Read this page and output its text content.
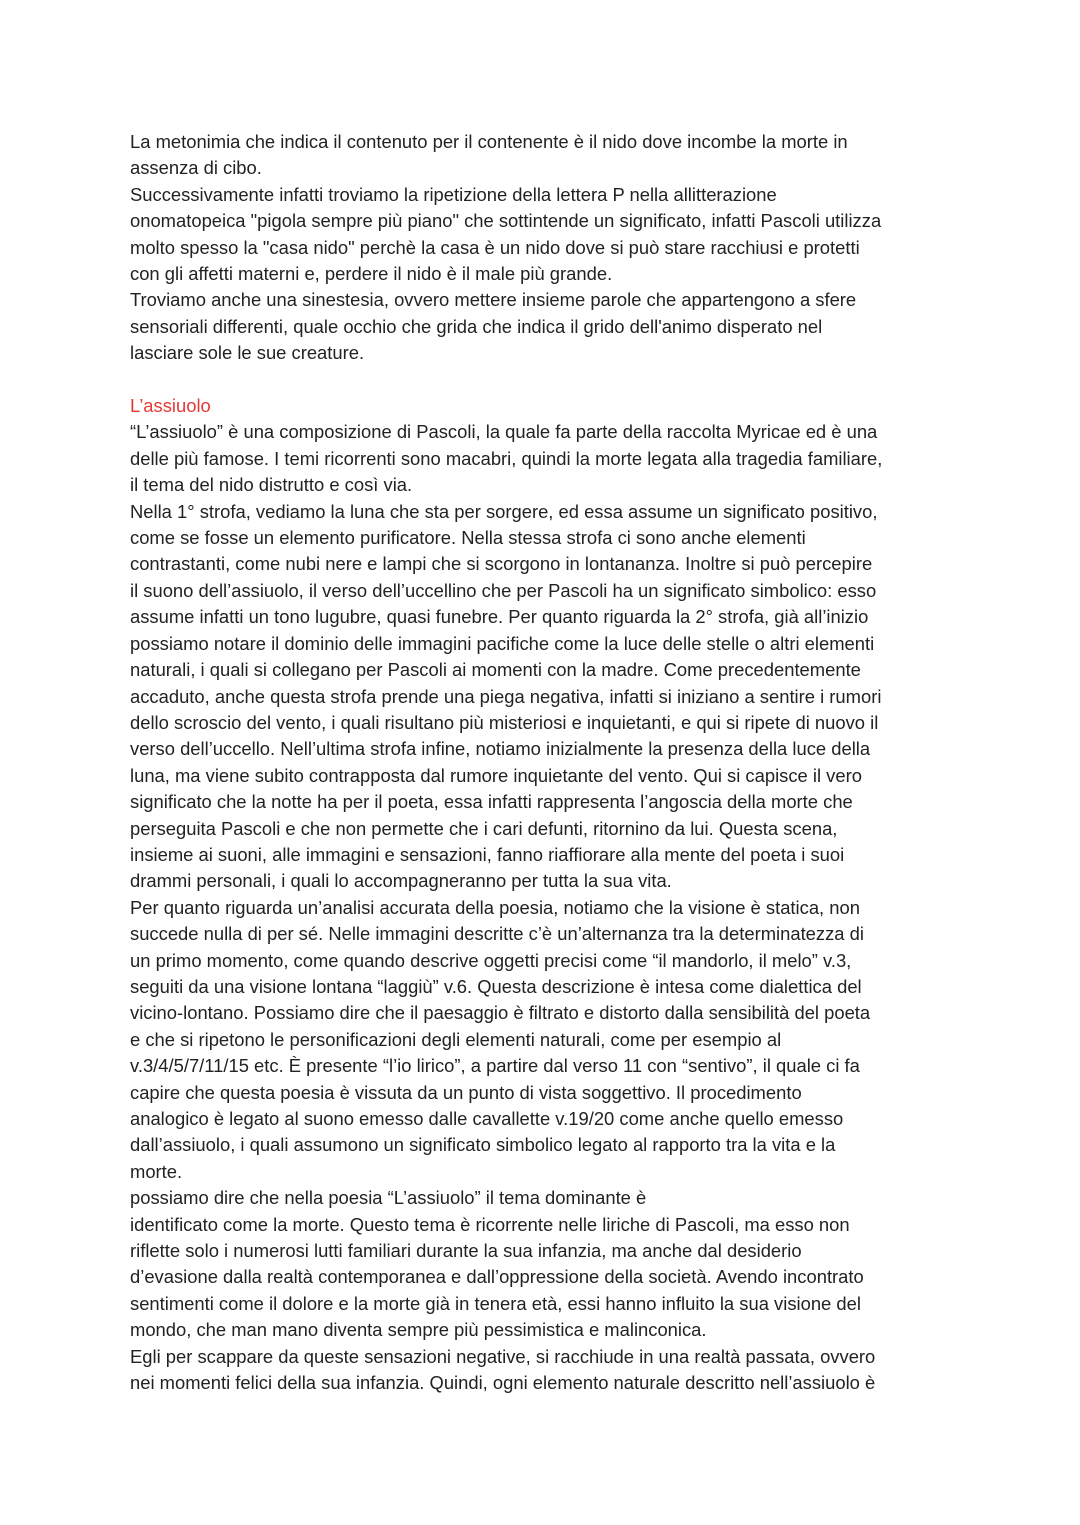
La metonimia che indica il contenuto per il contenente è il nido dove incombe la morte in
assenza di cibo.
Successivamente infatti troviamo la ripetizione della lettera P nella allitterazione
onomatopeica "pigola sempre più piano" che sottintende un significato, infatti Pascoli utilizza
molto spesso la "casa nido" perchè la casa è un nido dove si può stare racchiusi e protetti
con gli affetti materni e, perdere il nido è il male più grande.
Troviamo anche una sinestesia, ovvero mettere insieme parole che appartengono a sfere
sensoriali differenti, quale occhio che grida che indica il grido dell'animo disperato nel
lasciare sole le sue creature.
L’assiuolo
“L’assiuolo” è una composizione di Pascoli, la quale fa parte della raccolta Myricae ed è una
delle più famose. I temi ricorrenti sono macabri, quindi la morte legata alla tragedia familiare,
il tema del nido distrutto e così via.
Nella 1° strofa, vediamo la luna che sta per sorgere, ed essa assume un significato positivo,
come se fosse un elemento purificatore. Nella stessa strofa ci sono anche elementi
contrastanti, come nubi nere e lampi che si scorgono in lontananza. Inoltre si può percepire
il suono dell’assiuolo, il verso dell’uccellino che per Pascoli ha un significato simbolico: esso
assume infatti un tono lugubre, quasi funebre. Per quanto riguarda la 2° strofa, già all’inizio
possiamo notare il dominio delle immagini pacifiche come la luce delle stelle o altri elementi
naturali, i quali si collegano per Pascoli ai momenti con la madre. Come precedentemente
accaduto, anche questa strofa prende una piega negativa, infatti si iniziano a sentire i rumori
dello scroscio del vento, i quali risultano più misteriosi e inquietanti, e qui si ripete di nuovo il
verso dell’uccello. Nell’ultima strofa infine, notiamo inizialmente la presenza della luce della
luna, ma viene subito contrapposta dal rumore inquietante del vento. Qui si capisce il vero
significato che la notte ha per il poeta, essa infatti rappresenta l’angoscia della morte che
perseguita Pascoli e che non permette che i cari defunti, ritornino da lui. Questa scena,
insieme ai suoni, alle immagini e sensazioni, fanno riaffiorare alla mente del poeta i suoi
drammi personali, i quali lo accompagneranno per tutta la sua vita.
Per quanto riguarda un’analisi accurata della poesia, notiamo che la visione è statica, non
succede nulla di per sé. Nelle immagini descritte c’è un’alternanza tra la determinatezza di
un primo momento, come quando descrive oggetti precisi come “il mandorlo, il melo” v.3,
seguiti da una visione lontana “laggiù” v.6. Questa descrizione è intesa come dialettica del
vicino-lontano. Possiamo dire che il paesaggio è filtrato e distorto dalla sensibilità del poeta
e che si ripetono le personificazioni degli elementi naturali, come per esempio al
v.3/4/5/7/11/15 etc. È presente “l’io lirico”, a partire dal verso 11 con “sentivo”, il quale ci fa
capire che questa poesia è vissuta da un punto di vista soggettivo. Il procedimento
analogico è legato al suono emesso dalle cavallette v.19/20 come anche quello emesso
dall’assiuolo, i quali assumono un significato simbolico legato al rapporto tra la vita e la
morte.
possiamo dire che nella poesia “L’assiuolo” il tema dominante è
identificato come la morte. Questo tema è ricorrente nelle liriche di Pascoli, ma esso non
riflette solo i numerosi lutti familiari durante la sua infanzia, ma anche dal desiderio
d’evasione dalla realtà contemporanea e dall’oppressione della società. Avendo incontrato
sentimenti come il dolore e la morte già in tenera età, essi hanno influito la sua visione del
mondo, che man mano diventa sempre più pessimistica e malinconica.
Egli per scappare da queste sensazioni negative, si racchiude in una realtà passata, ovvero
nei momenti felici della sua infanzia. Quindi, ogni elemento naturale descritto nell’assiuolo è
